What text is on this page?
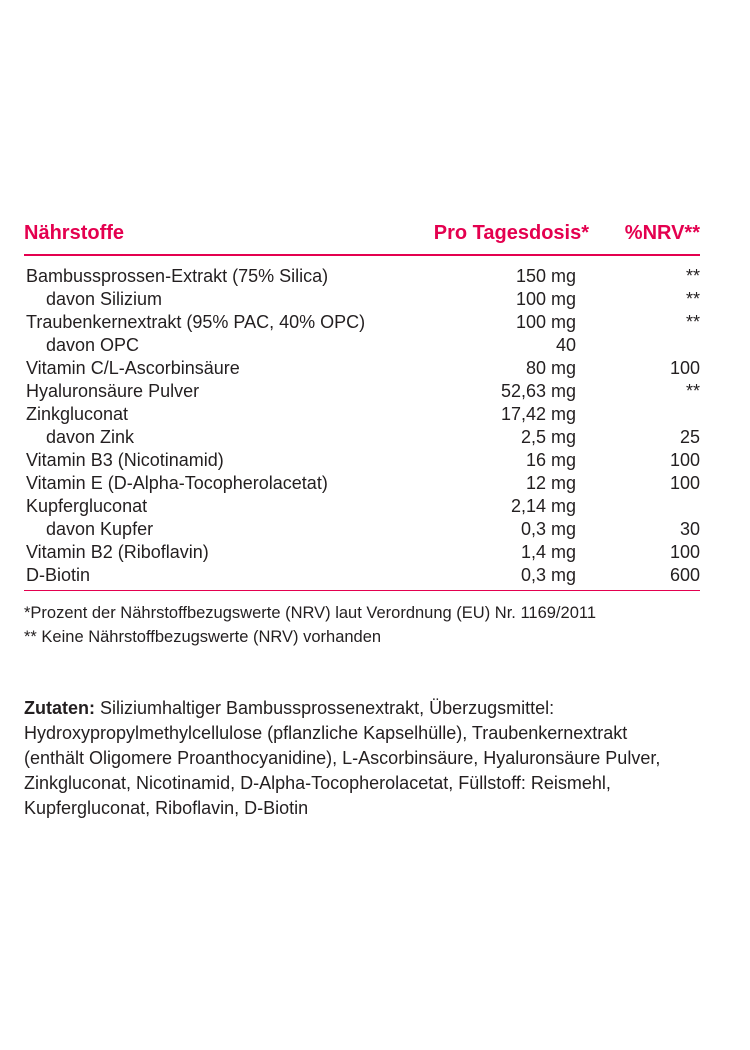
Nährstoffe	Pro Tagesdosis* %NRV**
Bambussprossen-Extrakt (75% Silica)	150 mg	**
davon Silizium	100 mg	**
Traubenkernextrakt (95% PAC, 40% OPC)	100 mg	**
davon OPC	40
Vitamin C/L-Ascorbinsäure	80 mg	100
Hyaluronsäure Pulver	52,63 mg	**
Zinkgluconat	17,42 mg
davon Zink	2,5 mg	25
Vitamin B3 (Nicotinamid)	16 mg	100
Vitamin E (D-Alpha-Tocopherolacetat)	12 mg	100
Kupfergluconat	2,14 mg
davon Kupfer	0,3 mg	30
Vitamin B2 (Riboflavin)	1,4 mg	100
D-Biotin	0,3 mg	600
*Prozent der Nährstoffbezugswerte (NRV) laut Verordnung (EU) Nr. 1169/2011
** Keine Nährstoffbezugswerte (NRV) vorhanden
Zutaten: Siliziumhaltiger Bambussprossenextrakt, Überzugsmittel:
Hydroxypropylmethylcellulose (pflanzliche Kapselhülle), Traubenkernextrakt
(enthält Oligomere Proanthocyanidine), L-Ascorbinsäure, Hyaluronsäure Pulver,
Zinkgluconat, Nicotinamid, D-Alpha-Tocopherolacetat, Füllstoff: Reismehl,
Kupfergluconat, Riboflavin, D-Biotin
